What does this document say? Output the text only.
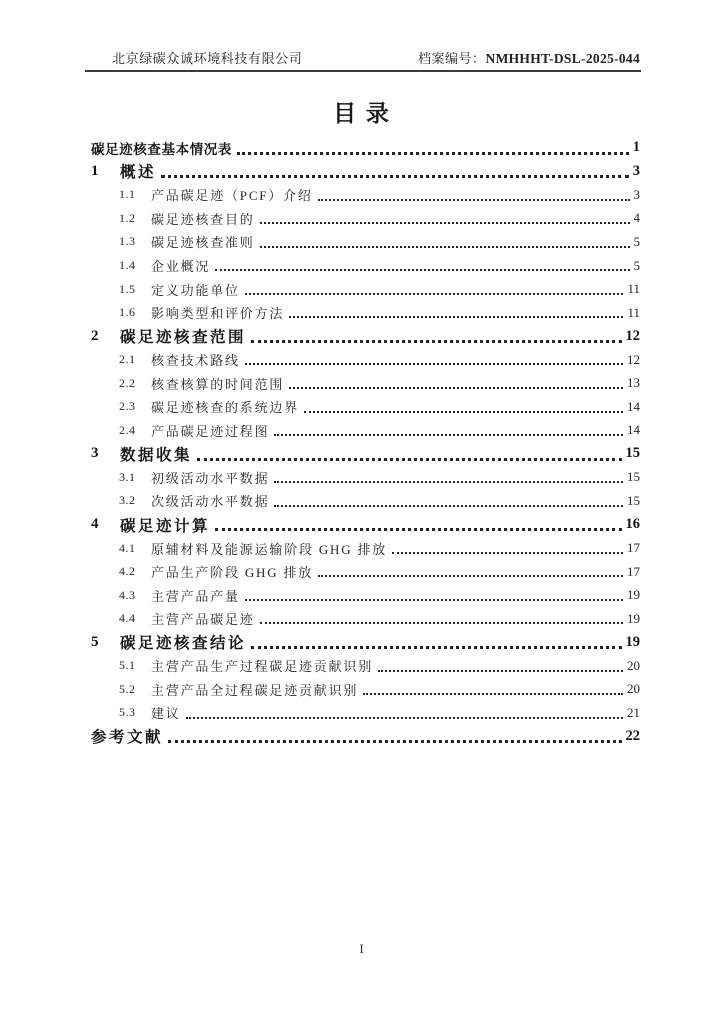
北京绿碳众诚环境科技有限公司	档案编号：NMHHHT-DSL-2025-044
目 录
碳足迹核查基本情况表	1
1	概述	3
1.1	产品碳足迹（PCF）介绍	3
1.2	碳足迹核查目的	4
1.3	碳足迹核查准则	5
1.4	企业概况	5
1.5	定义功能单位	11
1.6	影响类型和评价方法	11
2	碳足迹核查范围	12
2.1	核查技术路线	12
2.2	核查核算的时间范围	13
2.3	碳足迹核查的系统边界	14
2.4	产品碳足迹过程图	14
3	数据收集	15
3.1	初级活动水平数据	15
3.2	次级活动水平数据	15
4	碳足迹计算	16
4.1	原辅材料及能源运输阶段 GHG 排放	17
4.2	产品生产阶段 GHG 排放	17
4.3	主营产品产量	19
4.4	主营产品碳足迹	19
5	碳足迹核查结论	19
5.1	主营产品生产过程碳足迹贡献识别	20
5.2	主营产品全过程碳足迹贡献识别	20
5.3	建议	21
参考文献	22
I
